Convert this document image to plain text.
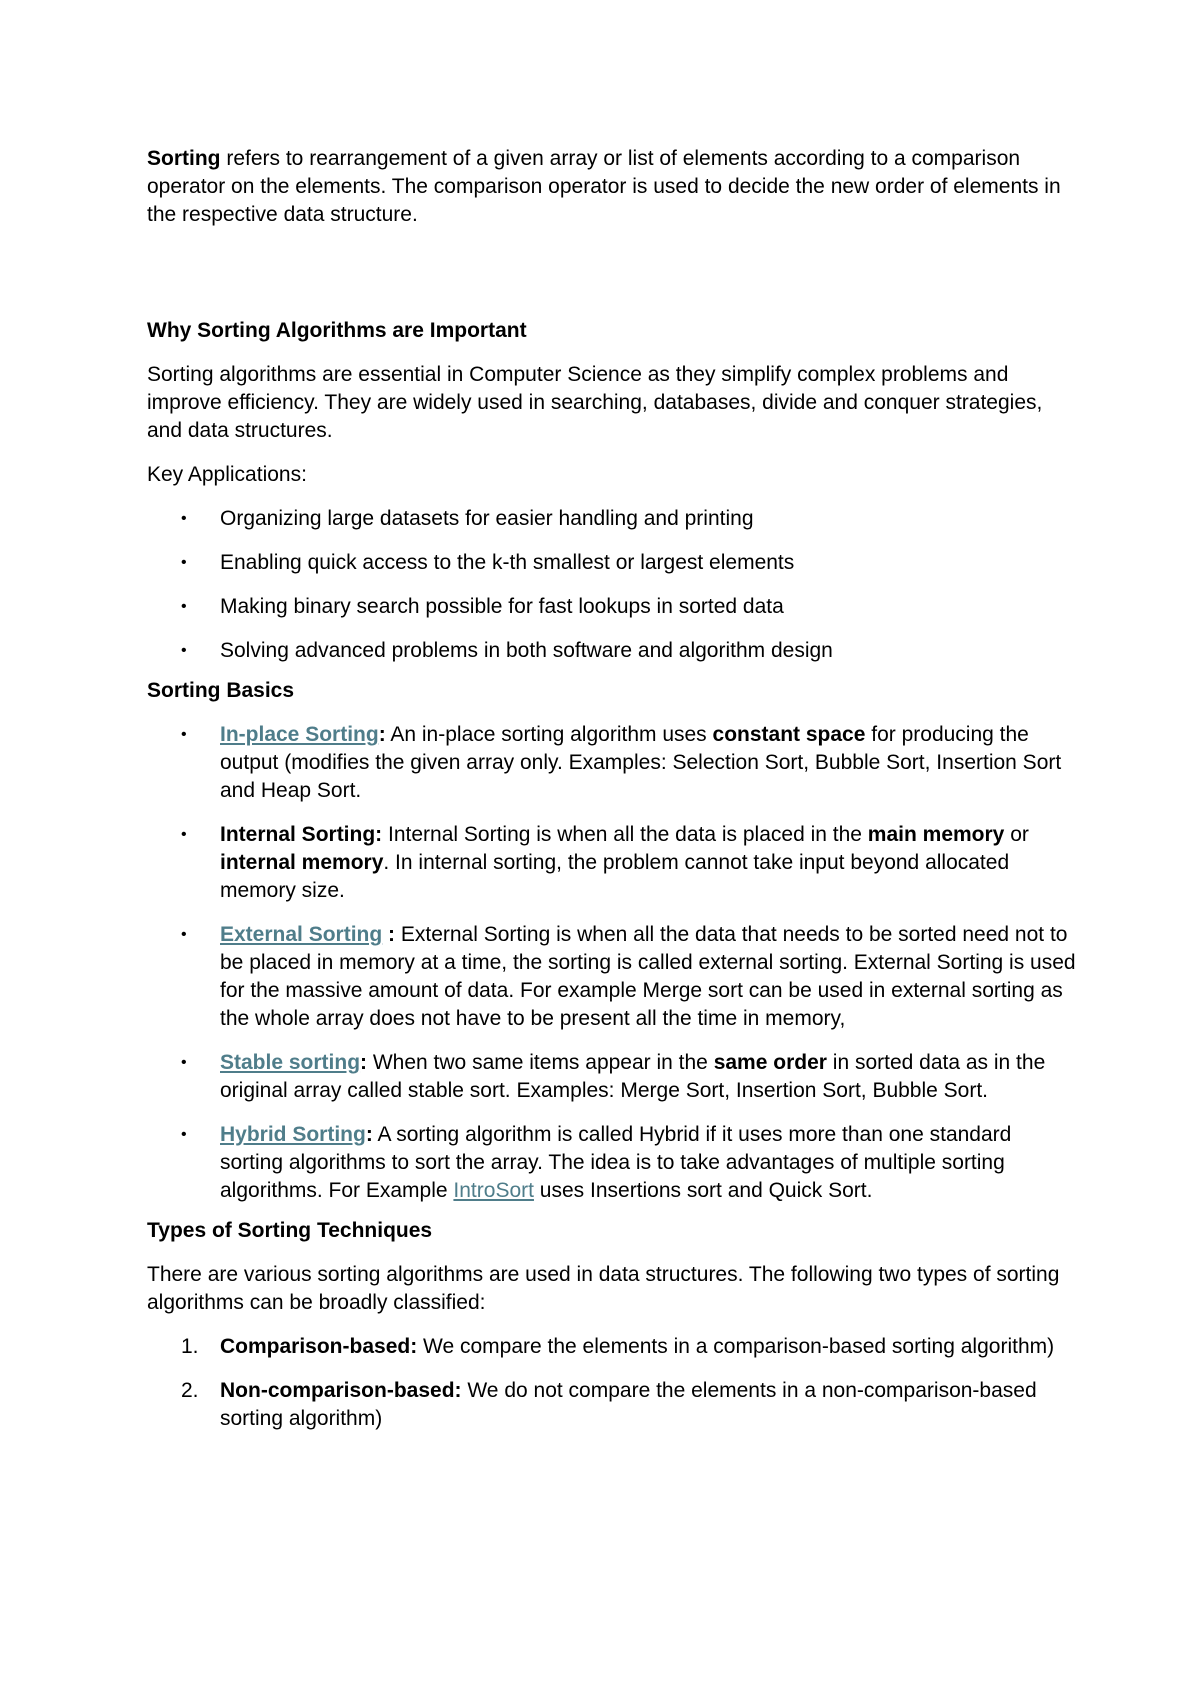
Sorting refers to rearrangement of a given array or list of elements according to a comparison operator on the elements. The comparison operator is used to decide the new order of elements in the respective data structure.

Why Sorting Algorithms are Important

Sorting algorithms are essential in Computer Science as they simplify complex problems and improve efficiency. They are widely used in searching, databases, divide and conquer strategies, and data structures.

Key Applications:

• Organizing large datasets for easier handling and printing
• Enabling quick access to the k-th smallest or largest elements
• Making binary search possible for fast lookups in sorted data
• Solving advanced problems in both software and algorithm design

Sorting Basics

• In-place Sorting: An in-place sorting algorithm uses constant space for producing the output (modifies the given array only. Examples: Selection Sort, Bubble Sort, Insertion Sort and Heap Sort.
• Internal Sorting: Internal Sorting is when all the data is placed in the main memory or internal memory. In internal sorting, the problem cannot take input beyond allocated memory size.
• External Sorting : External Sorting is when all the data that needs to be sorted need not to be placed in memory at a time, the sorting is called external sorting. External Sorting is used for the massive amount of data. For example Merge sort can be used in external sorting as the whole array does not have to be present all the time in memory,
• Stable sorting: When two same items appear in the same order in sorted data as in the original array called stable sort. Examples: Merge Sort, Insertion Sort, Bubble Sort.
• Hybrid Sorting: A sorting algorithm is called Hybrid if it uses more than one standard sorting algorithms to sort the array. The idea is to take advantages of multiple sorting algorithms. For Example IntroSort uses Insertions sort and Quick Sort.

Types of Sorting Techniques

There are various sorting algorithms are used in data structures. The following two types of sorting algorithms can be broadly classified:

1. Comparison-based: We compare the elements in a comparison-based sorting algorithm)
2. Non-comparison-based: We do not compare the elements in a non-comparison-based sorting algorithm)
